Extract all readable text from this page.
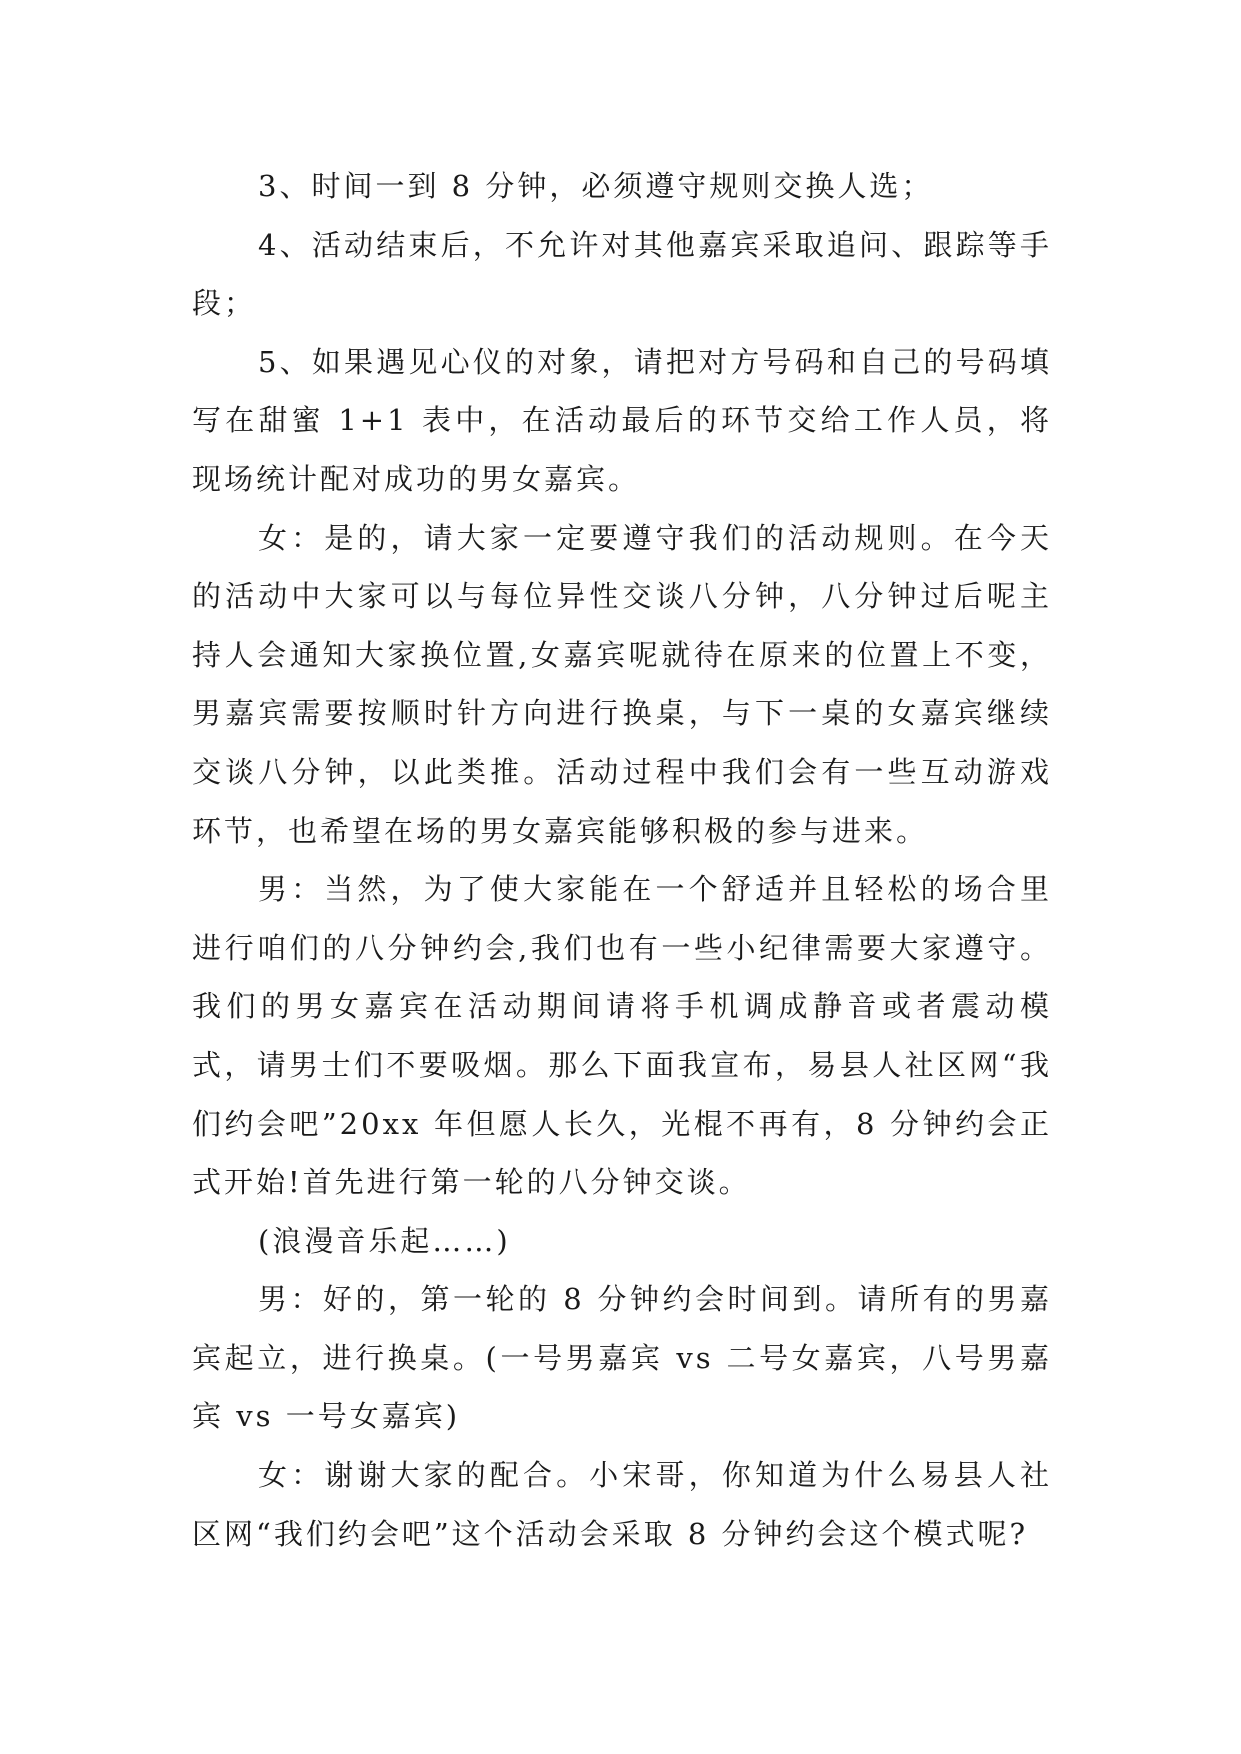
3、时间一到 8 分钟，必须遵守规则交换人选；

4、活动结束后，不允许对其他嘉宾采取追问、跟踪等手段；

5、如果遇见心仪的对象，请把对方号码和自己的号码填写在甜蜜 1+1 表中，在活动最后的环节交给工作人员，将现场统计配对成功的男女嘉宾。

女：是的，请大家一定要遵守我们的活动规则。在今天的活动中大家可以与每位异性交谈八分钟，八分钟过后呢主持人会通知大家换位置,女嘉宾呢就待在原来的位置上不变，男嘉宾需要按顺时针方向进行换桌，与下一桌的女嘉宾继续交谈八分钟，以此类推。活动过程中我们会有一些互动游戏环节，也希望在场的男女嘉宾能够积极的参与进来。

男：当然，为了使大家能在一个舒适并且轻松的场合里进行咱们的八分钟约会,我们也有一些小纪律需要大家遵守。我们的男女嘉宾在活动期间请将手机调成静音或者震动模式，请男士们不要吸烟。那么下面我宣布，易县人社区网“我们约会吧”20xx 年但愿人长久，光棍不再有，8 分钟约会正式开始!首先进行第一轮的八分钟交谈。

(浪漫音乐起……)

男：好的，第一轮的 8 分钟约会时间到。请所有的男嘉宾起立，进行换桌。(一号男嘉宾 vs 二号女嘉宾，八号男嘉宾 vs 一号女嘉宾)

女：谢谢大家的配合。小宋哥，你知道为什么易县人社区网“我们约会吧”这个活动会采取 8 分钟约会这个模式呢?
